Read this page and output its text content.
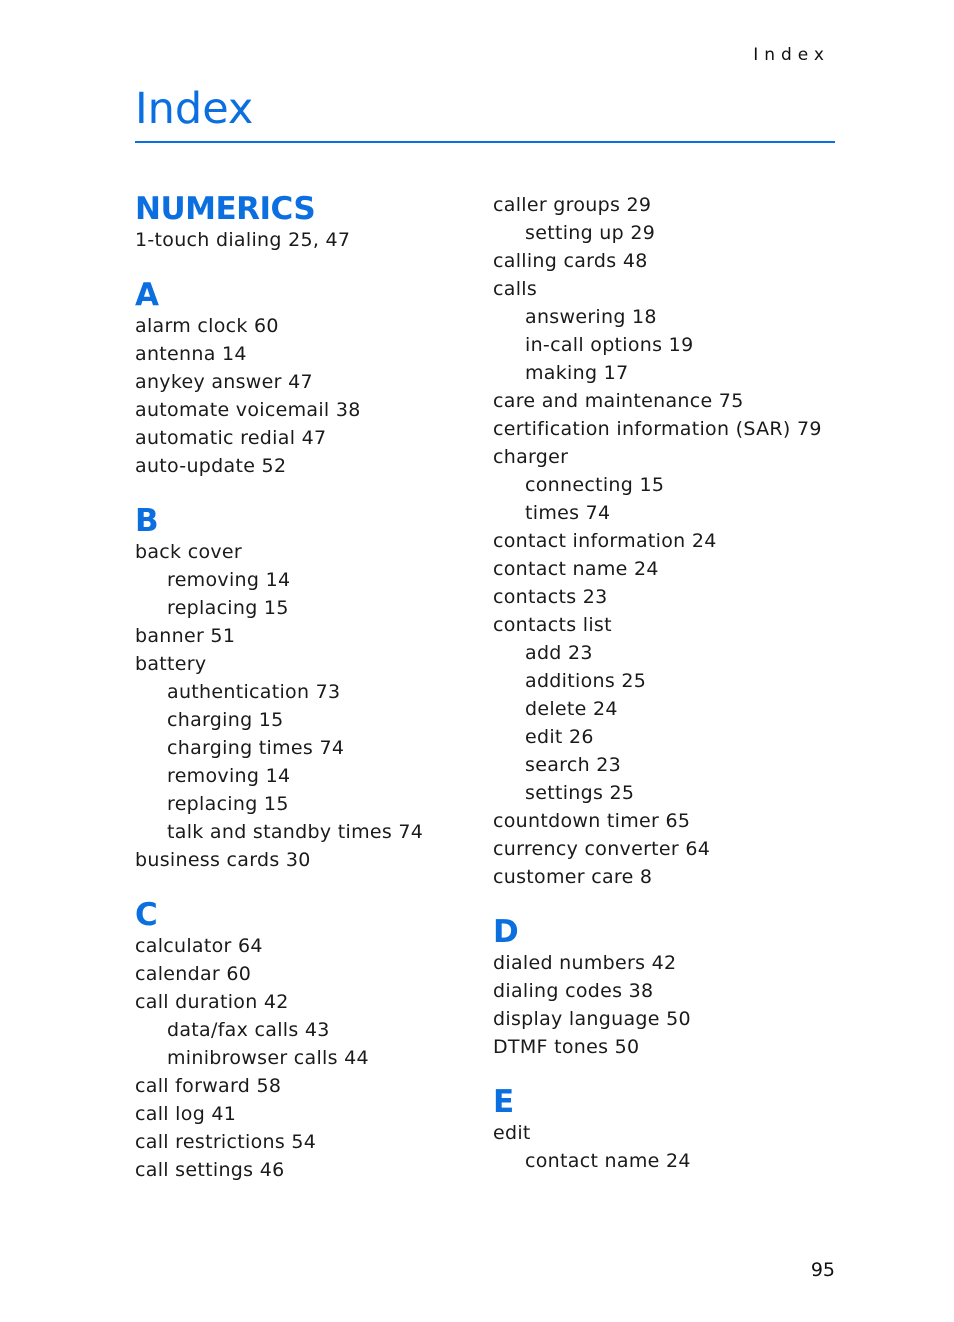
Index
Index
NUMERICS
1-touch dialing 25, 47
A
alarm clock 60
antenna 14
anykey answer 47
automate voicemail 38
automatic redial 47
auto-update 52
B
back cover
removing 14
replacing 15
banner 51
battery
authentication 73
charging 15
charging times 74
removing 14
replacing 15
talk and standby times 74
business cards 30
C
calculator 64
calendar 60
call duration 42
data/fax calls 43
minibrowser calls 44
call forward 58
call log 41
call restrictions 54
call settings 46
caller groups 29
setting up 29
calling cards 48
calls
answering 18
in-call options 19
making 17
care and maintenance 75
certification information (SAR) 79
charger
connecting 15
times 74
contact information 24
contact name 24
contacts 23
contacts list
add 23
additions 25
delete 24
edit 26
search 23
settings 25
countdown timer 65
currency converter 64
customer care 8
D
dialed numbers 42
dialing codes 38
display language 50
DTMF tones 50
E
edit
contact name 24
95
